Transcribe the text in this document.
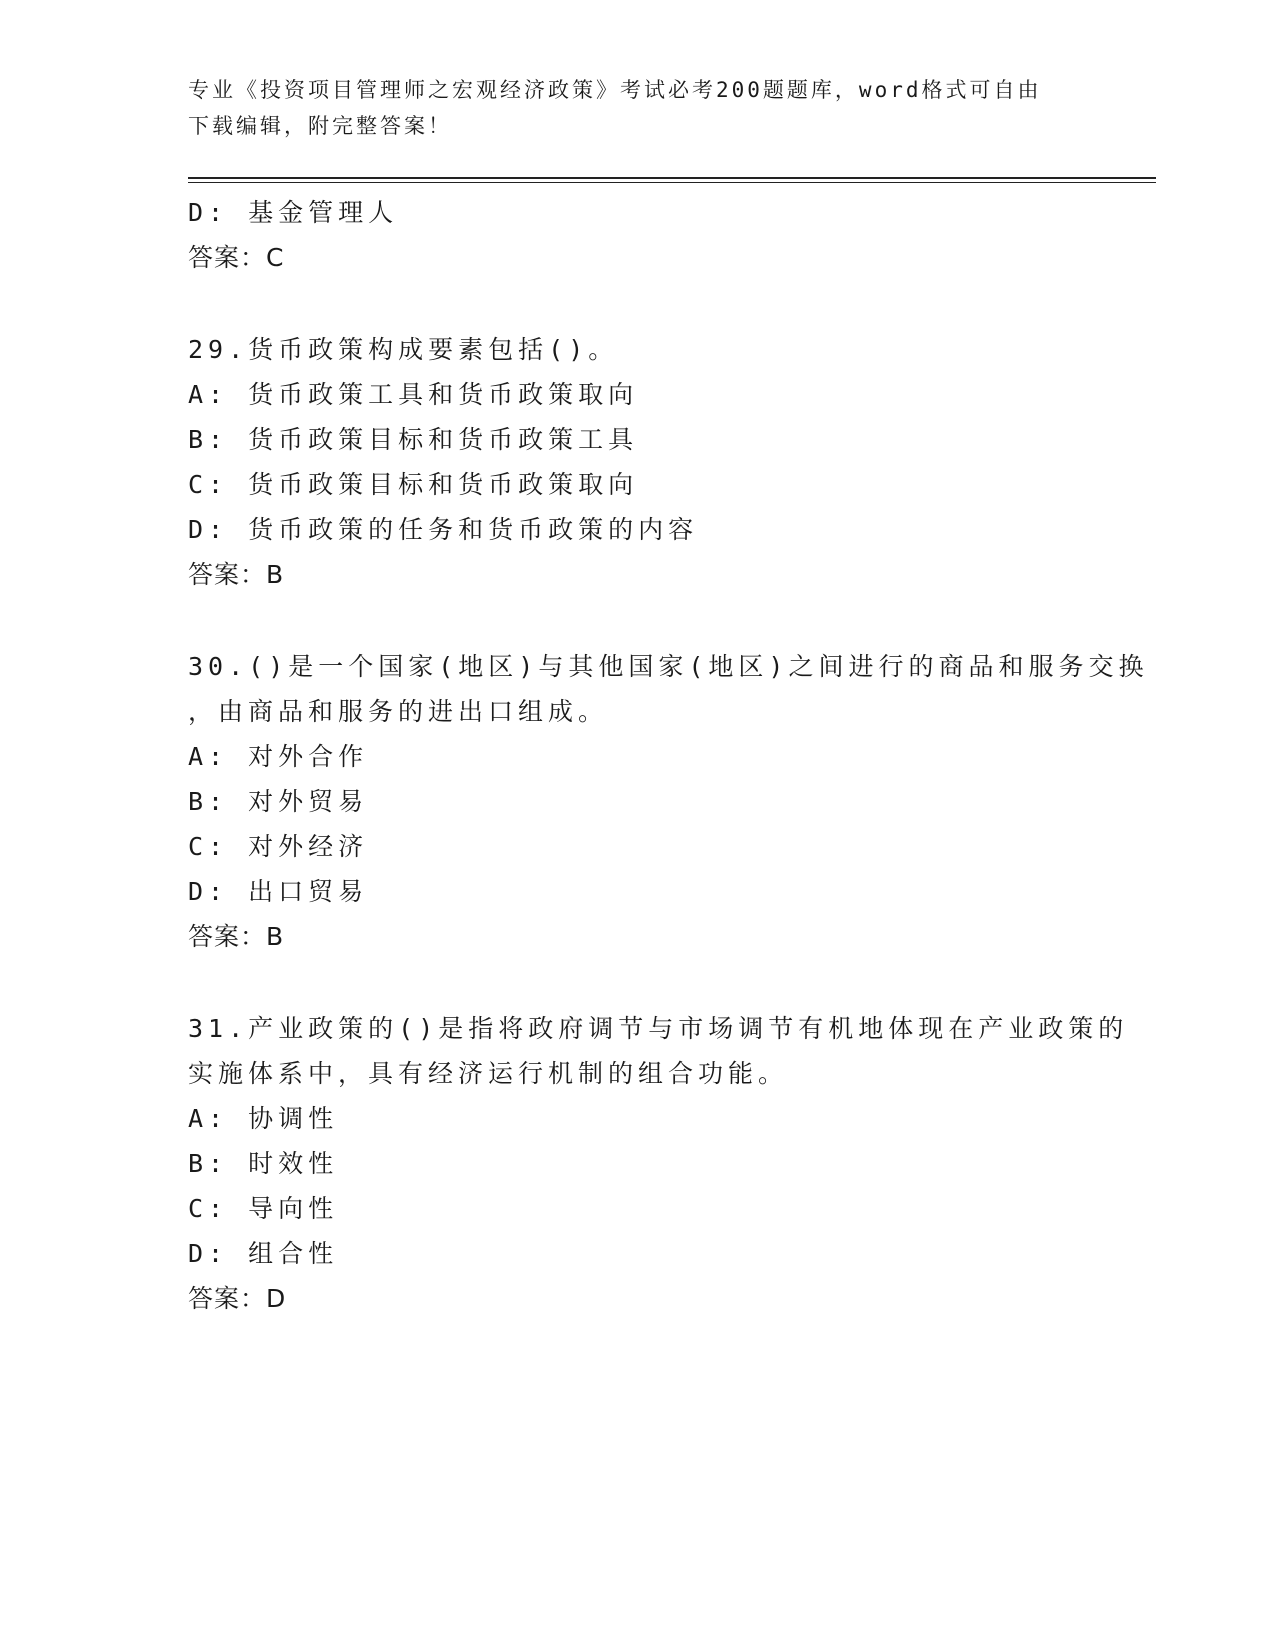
专业《投资项目管理师之宏观经济政策》考试必考200题题库，word格式可自由
下载编辑，附完整答案！
D: 基金管理人
答案：C
29.货币政策构成要素包括()。
A: 货币政策工具和货币政策取向
B: 货币政策目标和货币政策工具
C: 货币政策目标和货币政策取向
D: 货币政策的任务和货币政策的内容
答案：B
30.()是一个国家(地区)与其他国家(地区)之间进行的商品和服务交换
，由商品和服务的进出口组成。
A: 对外合作
B: 对外贸易
C: 对外经济
D: 出口贸易
答案：B
31.产业政策的()是指将政府调节与市场调节有机地体现在产业政策的
实施体系中，具有经济运行机制的组合功能。
A: 协调性
B: 时效性
C: 导向性
D: 组合性
答案：D
